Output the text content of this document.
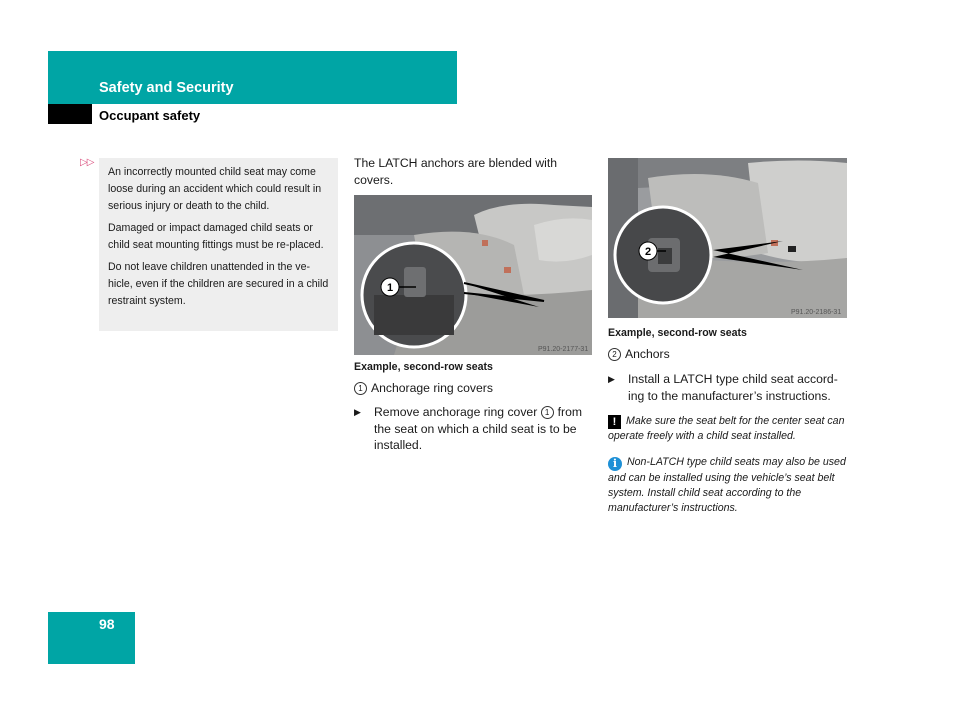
Safety and Security
Occupant safety
▷▷

An incorrectly mounted child seat may come loose during an accident which could result in serious injury or death to the child.

Damaged or impact damaged child seats or child seat mounting fittings must be re-placed.

Do not leave children unattended in the ve-hicle, even if the children are secured in a child restraint system.

The LATCH anchors are blended with covers.
1
P91.20-2177-31
Example, second-row seats
1 Anchorage ring covers
▶	Remove anchorage ring cover 1 from the seat on which a child seat is to be installed.
2
P91.20-2186-31
Example, second-row seats
2 Anchors
▶	Install a LATCH type child seat accord-ing to the manufacturer’s instructions.
! Make sure the seat belt for the center seat can operate freely with a child seat installed.
i Non-LATCH type child seats may also be used and can be installed using the vehicle’s seat belt system. Install child seat according to the manufacturer’s instructions.
98
